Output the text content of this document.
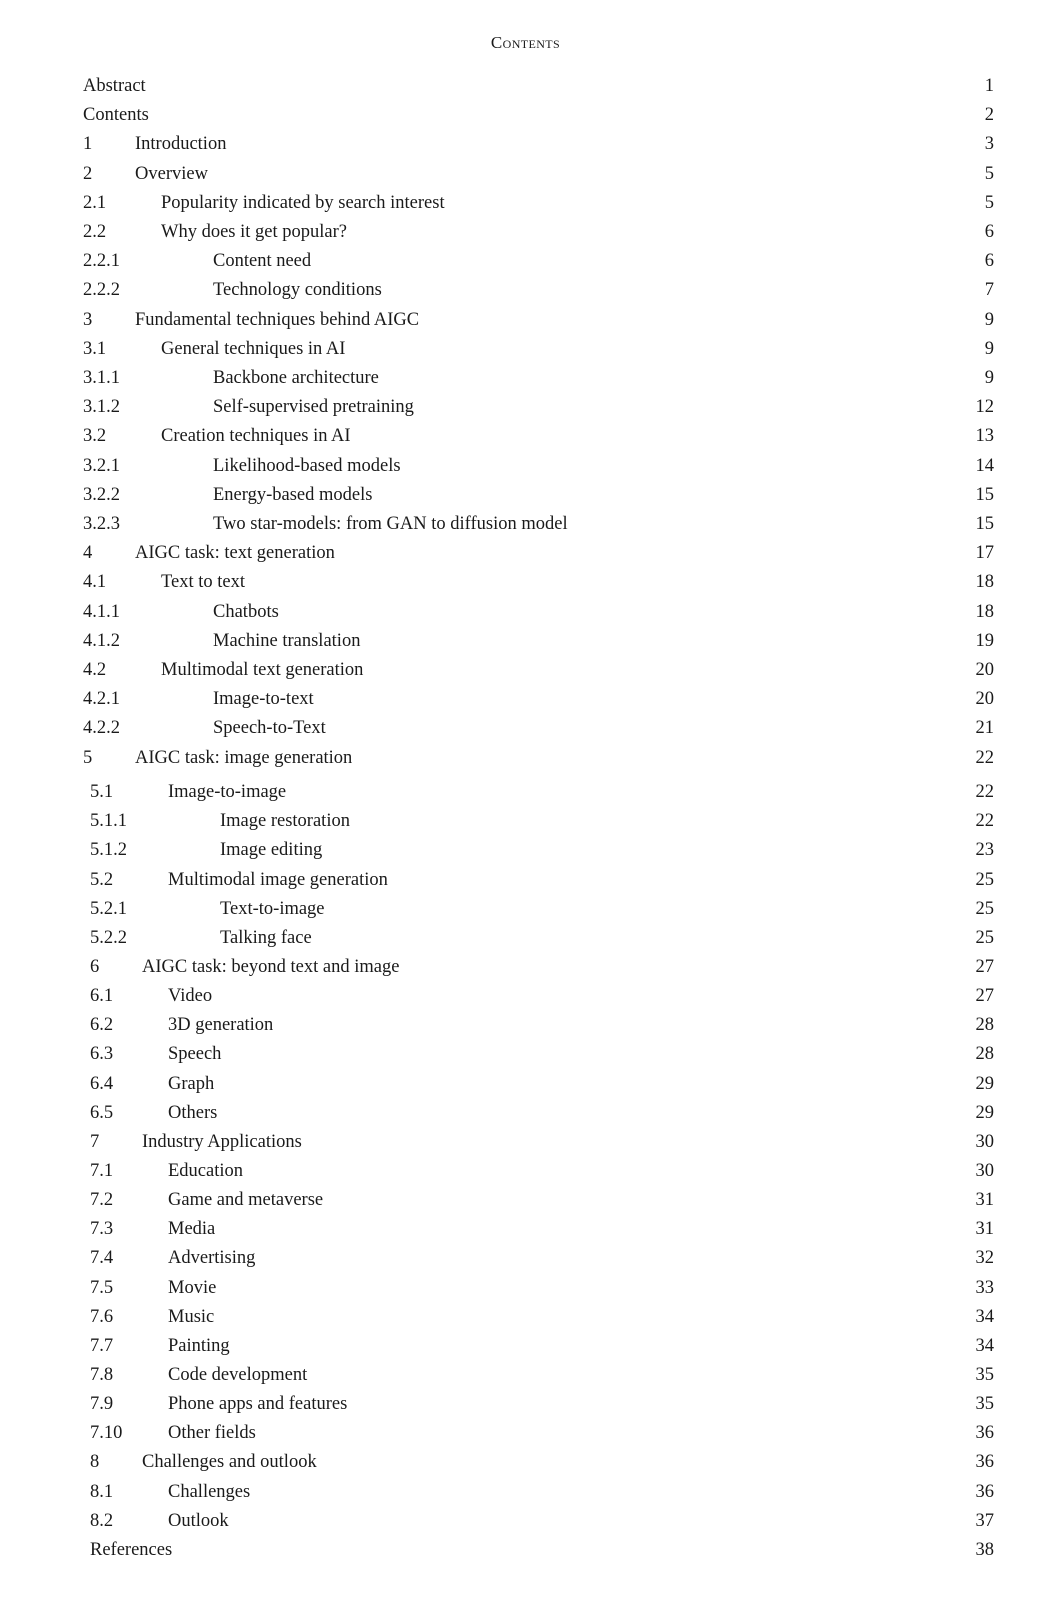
Contents
Abstract	1
Contents	2
1 Introduction	3
2 Overview	5
2.1	Popularity indicated by search interest	5
2.2	Why does it get popular?	6
2.2.1	Content need	6
2.2.2	Technology conditions	7
3 Fundamental techniques behind AIGC	9
3.1	General techniques in AI	9
3.1.1	Backbone architecture	9
3.1.2	Self-supervised pretraining	12
3.2	Creation techniques in AI	13
3.2.1	Likelihood-based models	14
3.2.2	Energy-based models	15
3.2.3	Two star-models: from GAN to diffusion model	15
4 AIGC task: text generation	17
4.1	Text to text	18
4.1.1	Chatbots	18
4.1.2	Machine translation	19
4.2	Multimodal text generation	20
4.2.1	Image-to-text	20
4.2.2	Speech-to-Text	21
5 AIGC task: image generation	22
5.1	Image-to-image	22
5.1.1	Image restoration	22
5.1.2	Image editing	23
5.2	Multimodal image generation	25
5.2.1	Text-to-image	25
5.2.2	Talking face	25
6 AIGC task: beyond text and image	27
6.1	Video	27
6.2	3D generation	28
6.3	Speech	28
6.4	Graph	29
6.5	Others	29
7 Industry Applications	30
7.1	Education	30
7.2	Game and metaverse	31
7.3	Media	31
7.4	Advertising	32
7.5	Movie	33
7.6	Music	34
7.7	Painting	34
7.8	Code development	35
7.9	Phone apps and features	35
7.10 Other fields	36
8 Challenges and outlook	36
8.1	Challenges	36
8.2	Outlook	37
References	38
